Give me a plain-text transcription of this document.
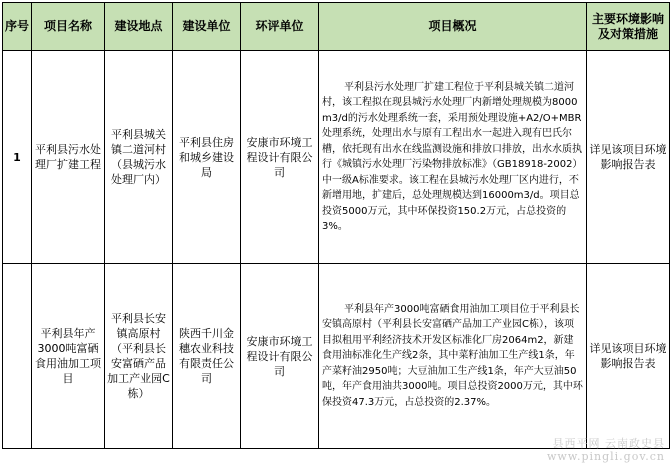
序号	项目名称	建设地点	建设单位	环评单位	项目概况	主要环境影响及对策措施
1	平利县污水处理厂扩建工程	平利县城关镇二道河村（县城污水处理厂内）	平利县住房和城乡建设局	安康市环境工程设计有限公司	平利县污水处理厂扩建工程位于平利县城关镇二道河村，该工程拟在现县城污水处理厂内新增处理规模为8000m3/d的污水处理系统一套，采用预处理设施+A2/O+MBR处理系统，处理出水与原有工程出水一起进入现有巴氏尔槽，依托现有出水在线监测设施和排放口排放，出水水质执行《城镇污水处理厂污染物排放标准》（GB18918-2002）中一级A标准要求。该工程在县城污水处理厂区内进行，不新增用地，扩建后，总处理规模达到16000m3/d。项目总投资5000万元，其中环保投资150.2万元，占总投资的3%。	详见该项目环境影响报告表
	平利县年产3000吨富硒食用油加工项目	平利县长安镇高原村（平利县长安富硒产品加工产业园C栋）	陕西千川金穗农业科技有限责任公司	安康市环境工程设计有限公司	平利县年产3000吨富硒食用油加工项目位于平利县长安镇高原村（平利县长安富硒产品加工产业园C栋），该项目拟租用平利经济技术开发区标准化厂房2064m2，新建食用油标准化生产线2条，其中菜籽油加工生产线1条，年产菜籽油2950吨；大豆油加工生产线1条，年产大豆油50吨，年产食用油共3000吨。项目总投资2000万元，其中环保投资47.3万元，占总投资的2.37%。	详见该项目环境影响报告表
县西平网 云南政史县
www.pingli.gov.cn
